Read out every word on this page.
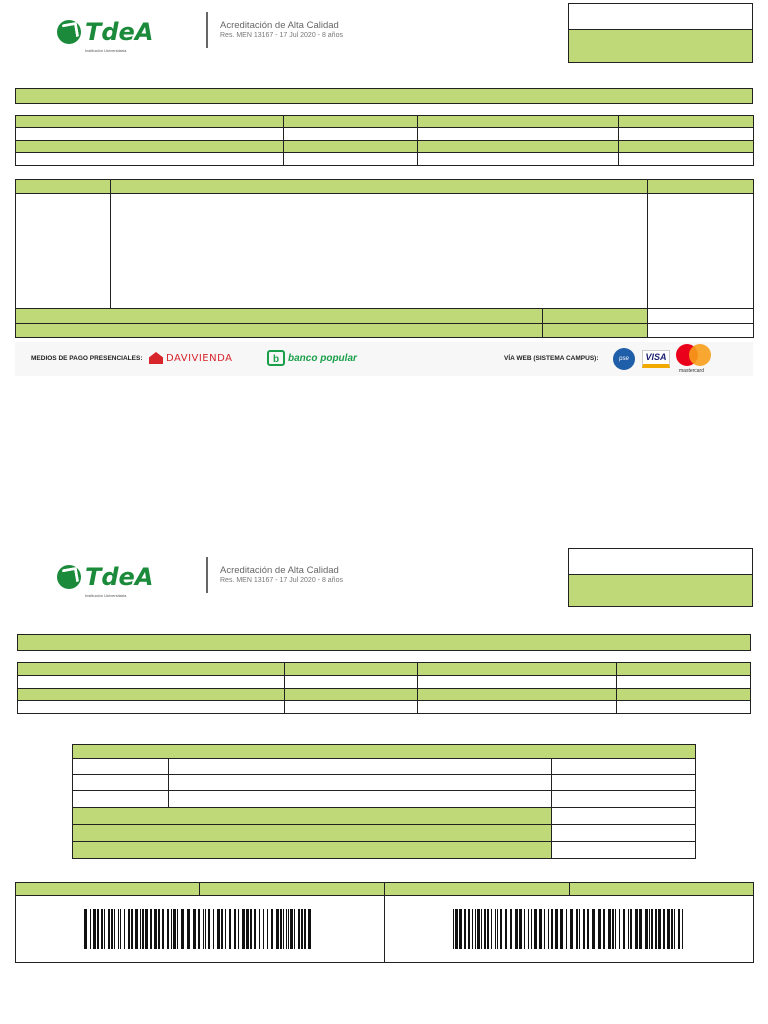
TdeA
Institución Universitaria
Acreditación de Alta Calidad
Res. MEN 13167 - 17 Jul 2020 - 8 años

MEDIOS DE PAGO PRESENCIALES: DAVIVIENDA	b banco popular	VÍA WEB (SISTEMA CAMPUS):	pse	VISA
mastercard
TdeA
Institución Universitaria
Acreditación de Alta Calidad
Res. MEN 13167 - 17 Jul 2020 - 8 años
